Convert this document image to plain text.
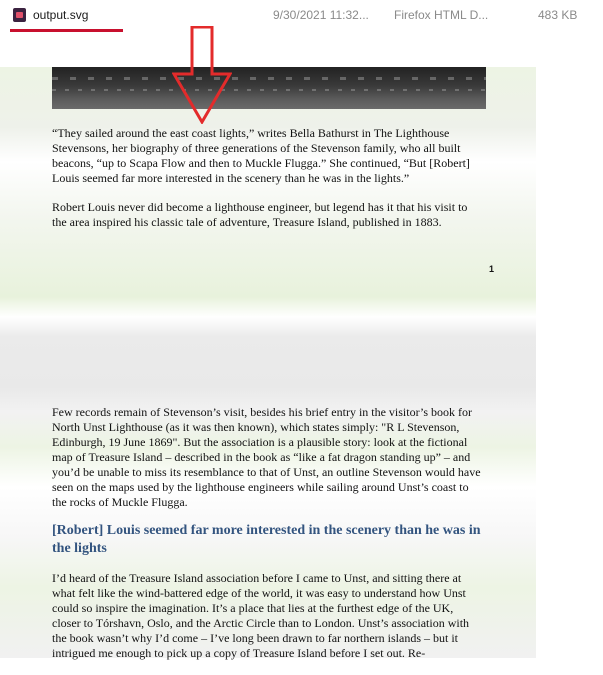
output.svg	9/30/2021 11:32... Firefox HTML D...	483 KB

“They sailed around the east coast lights,” writes Bella Bathurst in The Lighthouse Stevensons, her biography of three generations of the Stevenson family, who all built beacons, “up to Scapa Flow and then to Muckle Flugga.” She continued, “But [Robert] Louis seemed far more interested in the scenery than he was in the lights.”

Robert Louis never did become a lighthouse engineer, but legend has it that his visit to the area inspired his classic tale of adventure, Treasure Island, published in 1883.

1

Few records remain of Stevenson’s visit, besides his brief entry in the visitor’s book for North Unst Lighthouse (as it was then known), which states simply: "R L Stevenson, Edinburgh, 19 June 1869". But the association is a plausible story: look at the fictional map of Treasure Island – described in the book as “like a fat dragon standing up” – and you’d be unable to miss its resemblance to that of Unst, an outline Stevenson would have seen on the maps used by the lighthouse engineers while sailing around Unst’s coast to the rocks of Muckle Flugga.

[Robert] Louis seemed far more interested in the scenery than he was in the lights

I’d heard of the Treasure Island association before I came to Unst, and sitting there at what felt like the wind-battered edge of the world, it was easy to understand how Unst could so inspire the imagination. It’s a place that lies at the furthest edge of the UK, closer to Tórshavn, Oslo, and the Arctic Circle than to London. Unst’s association with the book wasn’t why I’d come – I’ve long been drawn to far northern islands – but it intrigued me enough to pick up a copy of Treasure Island before I set out. Re-
